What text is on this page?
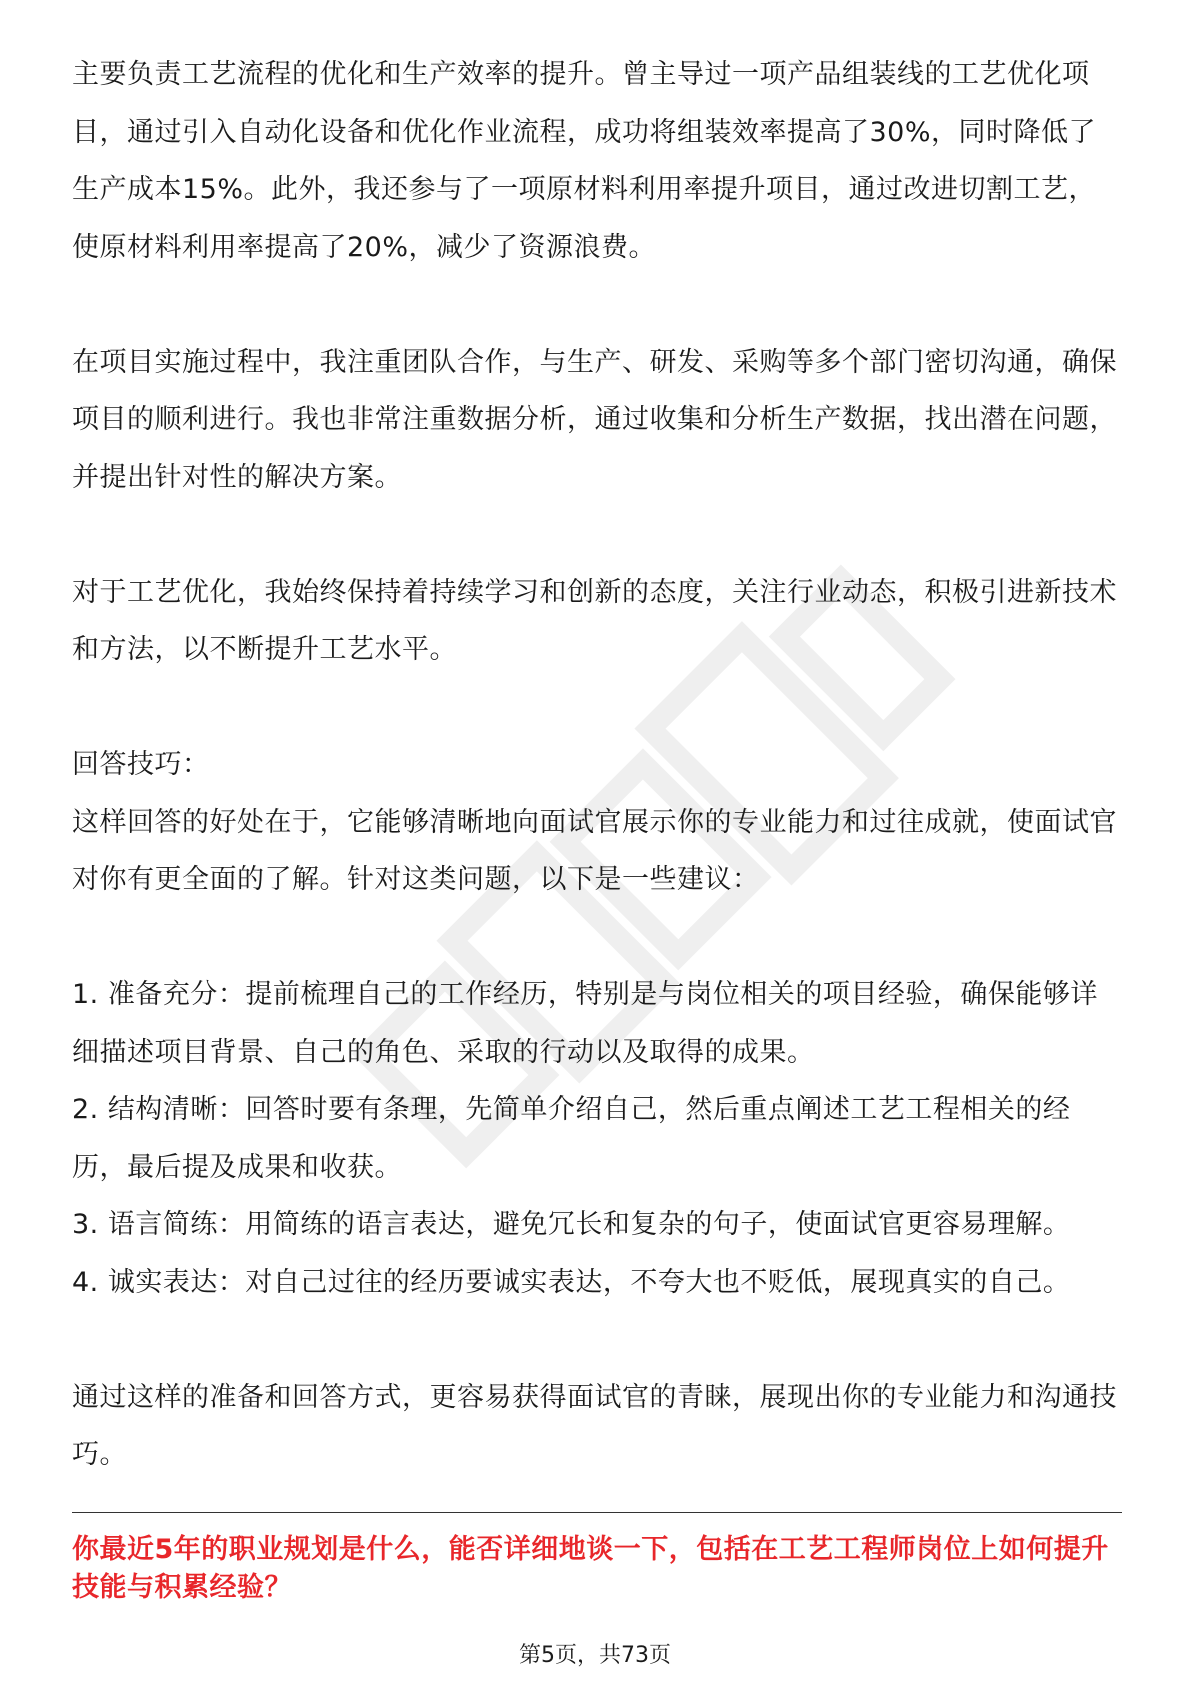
主要负责工艺流程的优化和生产效率的提升。曾主导过一项产品组装线的工艺优化项目，通过引入自动化设备和优化作业流程，成功将组装效率提高了30%，同时降低了生产成本15%。此外，我还参与了一项原材料利用率提升项目，通过改进切割工艺，使原材料利用率提高了20%，减少了资源浪费。

在项目实施过程中，我注重团队合作，与生产、研发、采购等多个部门密切沟通，确保项目的顺利进行。我也非常注重数据分析，通过收集和分析生产数据，找出潜在问题，并提出针对性的解决方案。

对于工艺优化，我始终保持着持续学习和创新的态度，关注行业动态，积极引进新技术和方法，以不断提升工艺水平。

回答技巧：

这样回答的好处在于，它能够清晰地向面试官展示你的专业能力和过往成就，使面试官对你有更全面的了解。针对这类问题，以下是一些建议：

1. 准备充分：提前梳理自己的工作经历，特别是与岗位相关的项目经验，确保能够详细描述项目背景、自己的角色、采取的行动以及取得的成果。

2. 结构清晰：回答时要有条理，先简单介绍自己，然后重点阐述工艺工程相关的经历，最后提及成果和收获。

3. 语言简练：用简练的语言表达，避免冗长和复杂的句子，使面试官更容易理解。

4. 诚实表达：对自己过往的经历要诚实表达，不夸大也不贬低，展现真实的自己。

通过这样的准备和回答方式，更容易获得面试官的青睐，展现出你的专业能力和沟通技巧。

你最近5年的职业规划是什么，能否详细地谈一下，包括在工艺工程师岗位上如何提升技能与积累经验？

第5页，共73页
